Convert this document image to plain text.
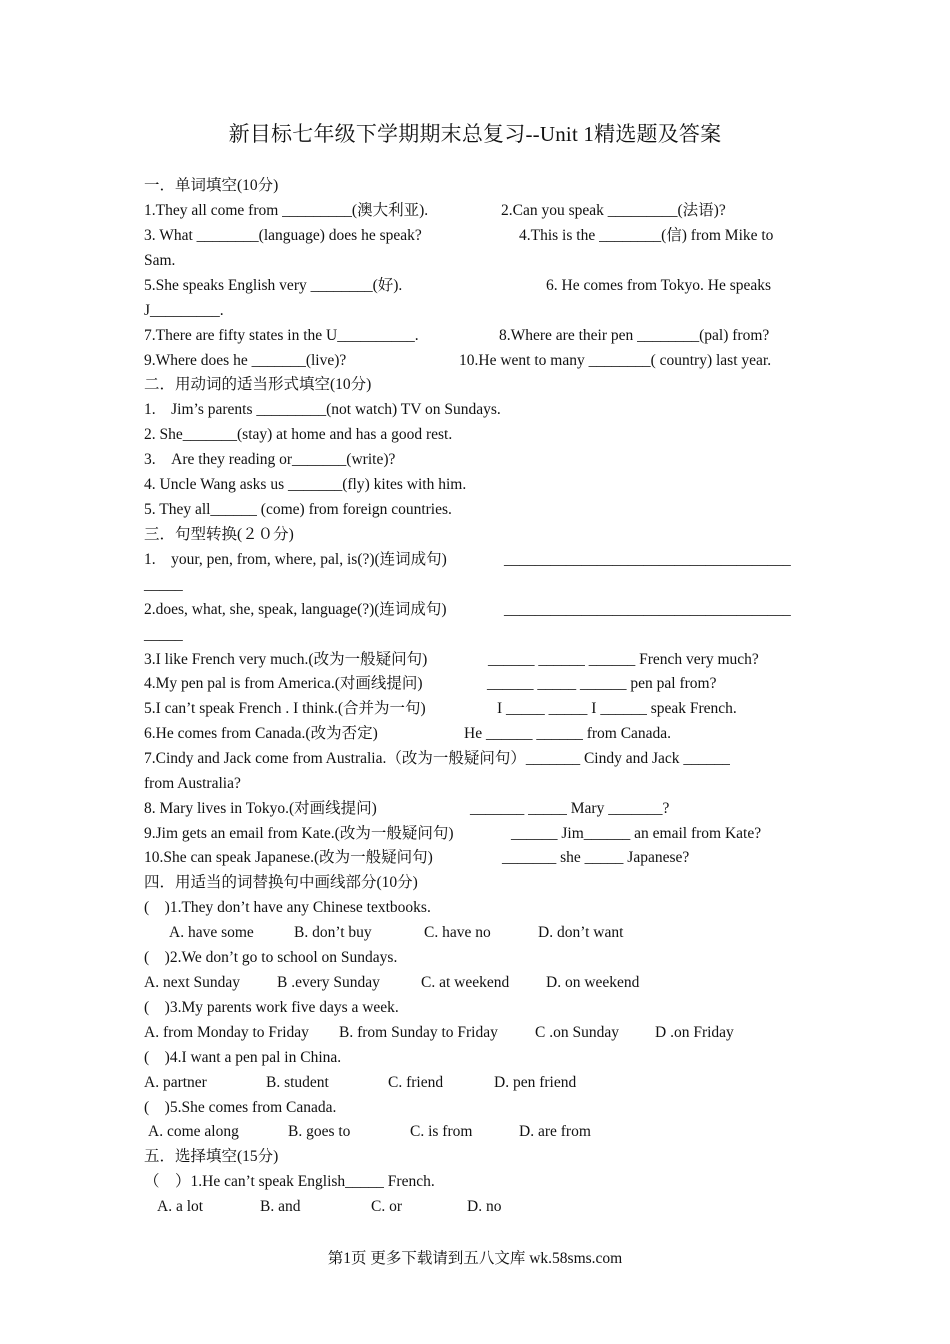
新目标七年级下学期期末总复习--Unit 1精选题及答案
一．单词填空(10分)
1.They all come from _________(澳大利亚).	2.Can you speak _________(法语)?
3. What ________(language) does he speak?	4.This is the ________(信) from Mike to
Sam.
5.She speaks English very ________(好).	6. He comes from Tokyo. He speaks
J_________.
7.There are fifty states in the U__________.	8.Where are their pen ________(pal) from?
9.Where does he _______(live)?	10.He went to many ________( country) last year.
二．用动词的适当形式填空(10分)
1.　Jim’s parents _________(not watch) TV on Sundays.
2. She_______(stay) at home and has a good rest.
3.　Are they reading or_______(write)?
4. Uncle Wang asks us _______(fly) kites with him.
5. They all______ (come) from foreign countries.
三．句型转换(２０分)
1.　your, pen, from, where, pal, is(?)(连词成句)	_____________________________________
_____
2.does, what, she, speak, language(?)(连词成句)	_____________________________________
_____
3.I like French very much.(改为一般疑问句)	______ ______ ______ French very much?
4.My pen pal is from America.(对画线提问)	______ _____ ______ pen pal from?
5.I can’t speak French . I think.(合并为一句)	I _____ _____ I ______ speak French.
6.He comes from Canada.(改为否定)	He ______ ______ from Canada.
7.Cindy and Jack come from Australia.（改为一般疑问句）_______ Cindy and Jack ______
from Australia?
8. Mary lives in Tokyo.(对画线提问)	_______ _____ Mary _______?
9.Jim gets an email from Kate.(改为一般疑问句)	______ Jim______ an email from Kate?
10.She can speak Japanese.(改为一般疑问句)	_______ she _____ Japanese?
四．用适当的词替换句中画线部分(10分)
(　)1.They don’t have any Chinese textbooks.
A. have some	B. don’t buy	C. have no	D. don’t want
(　)2.We don’t go to school on Sundays.
A. next Sunday B .every Sunday	C. at weekend D. on weekend
(　)3.My parents work five days a week.
A. from Monday to Friday B. from Sunday to Friday C .on Sunday D .on Friday
(　)4.I want a pen pal in China.
A. partner	B. student	C. friend	D. pen friend
(　)5.She comes from Canada.
A. come along	B. goes to	C. is from	D. are from
五．选择填空(15分)
（　）1.He can’t speak English_____ French.
A. a lot	B. and	C. or	D. no
第1页 更多下载请到五八文库 wk.58sms.com
